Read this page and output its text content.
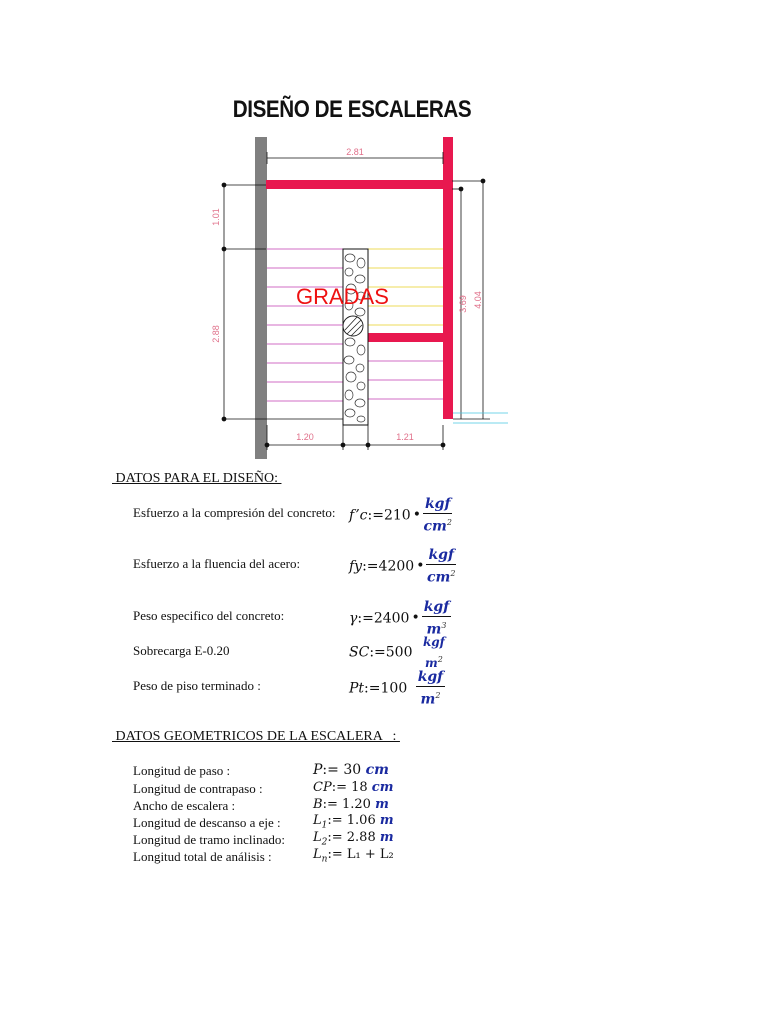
DISEÑO DE ESCALERAS
2.81
1.01
2.88
3.69 4.04
1.20	1.21
GRADAS
DATOS PARA EL DISEÑO:
Esfuerzo a la compresión del concreto: f’c:=210 • $\frac{\text{kgf}}{cm^2}$
Esfuerzo a la fluencia del acero:	fy:=4200 • $\frac{\text{kgf}}{cm^2}$
Peso especifico del concreto:	γ:=2400 • $\frac{\text{kgf}}{m^3}$
Sobrecarga E-0.20	SC:=500
kgf
$m^2$
Peso de piso terminado :	Pt:=100 $\frac{\text{kgf}}{m^2}$
DATOS GEOMETRICOS DE LA ESCALERA   :
Longitud de paso :	P:= 30 cm
Longitud de contrapaso :	CP:= 18 cm
Ancho de escalera :	B:= 1.20 m
Longitud de descanso a eje : $L_1:= 1.06$ m
Longitud de tramo inclinado: $L_2:= 2.88$ m
Longitud total de análisis :	$L_n:= L_1 + L_2$
